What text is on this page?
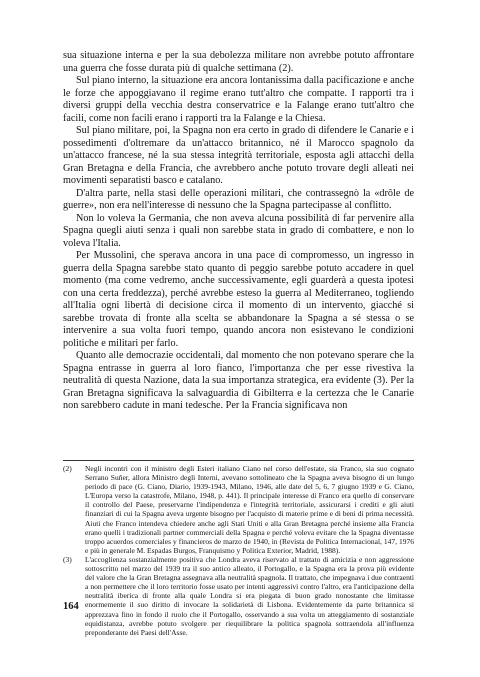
sua situazione interna e per la sua debolezza militare non avrebbe potuto affrontare una guerra che fosse durata più di qualche settimana (2).

Sul piano interno, la situazione era ancora lontanissima dalla pacificazione e anche le forze che appoggiavano il regime erano tutt'altro che compatte. I rapporti tra i diversi gruppi della vecchia destra conservatrice e la Falange erano tutt'altro che facili, come non facili erano i rapporti tra la Falange e la Chiesa.

Sul piano militare, poi, la Spagna non era certo in grado di difendere le Canarie e i possedimenti d'oltremare da un'attacco britannico, né il Marocco spagnolo da un'attacco francese, né la sua stessa integrità territoriale, esposta agli attacchi della Gran Bretagna e della Francia, che avrebbero anche potuto trovare degli alleati nei movimenti separatisti basco e catalano.

D'altra parte, nella stasi delle operazioni militari, che contrassegnò la «drôle de guerre», non era nell'interesse di nessuno che la Spagna partecipasse al conflitto.

Non lo voleva la Germania, che non aveva alcuna possibilità di far pervenire alla Spagna quegli aiuti senza i quali non sarebbe stata in grado di combattere, e non lo voleva l'Italia.

Per Mussolini, che sperava ancora in una pace di compromesso, un ingresso in guerra della Spagna sarebbe stato quanto di peggio sarebbe potuto accadere in quel momento (ma come vedremo, anche successivamente, egli guarderà a questa ipotesi con una certa freddezza), perché avrebbe esteso la guerra al Mediterraneo, togliendo all'Italia ogni libertà di decisione circa il momento di un intervento, giacché si sarebbe trovata di fronte alla scelta se abbandonare la Spagna a sé stessa o se intervenire a sua volta fuori tempo, quando ancora non esistevano le condizioni politiche e militari per farlo.

Quanto alle democrazie occidentali, dal momento che non potevano sperare che la Spagna entrasse in guerra al loro fianco, l'importanza che per esse rivestiva la neutralità di questa Nazione, data la sua importanza strategica, era evidente (3). Per la Gran Bretagna significava la salvaguardia di Gibilterra e la certezza che le Canarie non sarebbero cadute in mani tedesche. Per la Francia significava non

(2)	Negli incontri con il ministro degli Esteri italiano Ciano nel corso dell'estate, sia Franco, sia suo cognato Serrano Suñer, allora Ministro degli Interni, avevano sottolineato che la Spagna aveva bisogno di un lungo periodo di pace (G. Ciano, Diario, 1939-1943, Milano, 1946, alle date del 5, 6, 7 giugno 1939 e G. Ciano, L'Europa verso la catastrofe, Milano, 1948, p. 441). Il principale interesse di Franco era quello di conservare il controllo del Paese, preservarne l'indipendenza e l'integrità territoriale, assicurarsi i crediti e gli aiuti finanziari di cui la Spagna aveva urgente bisogno per l'acquisto di materie prime e di beni di prima necessità. Aiuti che Franco intendeva chiedere anche agli Stati Uniti e alla Gran Bretagna perché insieme alla Francia erano quelli i tradizionali partner commerciali della Spagna e perché voleva evitare che la Spagna diventasse troppo acuerdos comerciales y financieros de marzo de 1940, in (Revista de Politica Internacional, 147, 1976 e più in generale M. Espadas Burgos, Franquismo y Politica Exterior, Madrid, 1988).
(3)	L'accoglienza sostanzialmente positiva che Londra aveva riservato al trattato di amicizia e non aggressione sottoscritto nel marzo del 1939 tra il suo antico alleato, il Portogallo, e la Spagna era la prova più evidente del valore che la Gran Bretagna assegnava alla neutralità spagnola. Il trattato, che impegnava i due contraenti a non permettere che il loro territorio fosse usato per intenti aggressivi contro l'altro, era l'anticipazione della neutralità iberica di fronte alla quale Londra si era piegata di buon grado nonostante che limitasse enormemente il suo diritto di invocare la solidarietà di Lisbona. Evidentemente da parte britannica si apprezzava fino in fondo il ruolo che il Portogallo, osservando a sua volta un atteggiamento di sostanziale equidistanza, avrebbe potuto svolgere per riequilibrare la politica spagnola sottraendola all'influenza preponderante dei Paesi dell'Asse.
164
